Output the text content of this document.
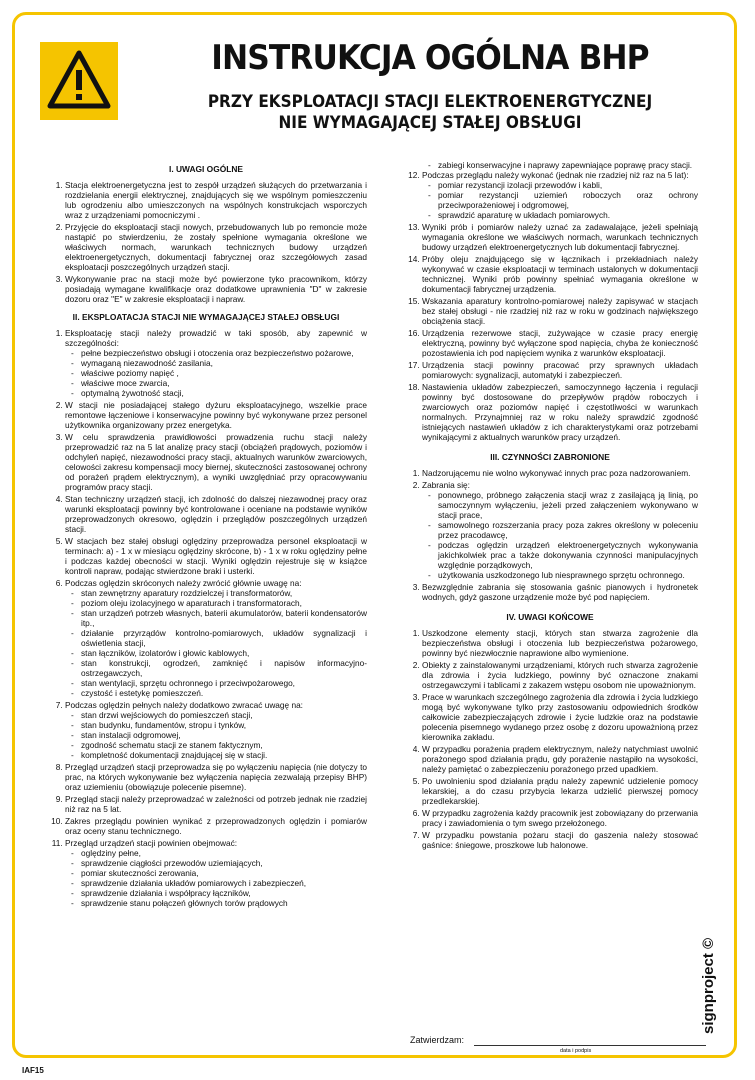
INSTRUKCJA OGÓLNA BHP
PRZY EKSPLOATACJI STACJI ELEKTROENERGTYCZNEJ
NIE WYMAGAJĄCEJ STAŁEJ OBSŁUGI
I. UWAGI OGÓLNE
1. Stacja elektroenergetyczna jest to zespół urządzeń służących do przetwarzania i rozdzielania energii elektrycznej, znajdujących się we wspólnym pomieszczeniu lub ogrodzeniu albo umieszczonych na wspólnych konstrukcjach wsporczych wraz z urządzeniami pomocniczymi .
2. Przyjęcie do eksploatacji stacji nowych, przebudowanych lub po remoncie może nastąpić po stwierdzeniu, że zostały spełnione wymagania określone we właściwych normach, warunkach technicznych budowy urządzeń elektroenergetycznych, dokumentacji fabrycznej oraz szczegółowych zasad eksploatacji poszczególnych urządzeń stacji.
3. Wykonywanie prac na stacji może być powierzone tyko pracownikom, którzy posiadają wymagane kwalifikacje oraz dodatkowe uprawnienia "D" w zakresie dozoru oraz "E" w zakresie eksploatacji i napraw.
II. EKSPLOATACJA STACJI NIE WYMAGAJĄCEJ STAŁEJ OBSŁUGI
1. Eksploatację stacji należy prowadzić w taki sposób, aby zapewnić w szczególności:
- pełne bezpieczeństwo obsługi i otoczenia oraz bezpieczeństwo pożarowe,
- wymaganą niezawodność zasilania,
- właściwe poziomy napięć ,
- właściwe moce zwarcia,
- optymalną żywotność stacji,
2. W stacji nie posiadającej stałego dyżuru eksploatacyjnego, wszelkie prace remontowe łączeniowe i konserwacyjne powinny być wykonywane przez personel użytkownika organizowany przez energetyka.
3. W celu sprawdzenia prawidłowości prowadzenia ruchu stacji należy przeprowadzić raz na 5 lat analizę pracy stacji (obciążeń prądowych, poziomów i odchyleń napięć, niezawodności pracy stacji, aktualnych warunków zwarciowych, celowości zakresu kompensacji mocy biernej, skuteczności zastosowanej ochrony od porażeń prądem elektrycznym), a wyniki uwzględniać przy opracowywaniu programów pracy stacji.
4. Stan techniczny urządzeń stacji, ich zdolność do dalszej niezawodnej pracy oraz warunki eksploatacji powinny być kontrolowane i oceniane na podstawie wyników przeprowadzonych okresowo, oględzin i przeglądów poszczególnych urządzeń stacji.
5. W stacjach bez stałej obsługi oględziny przeprowadza personel eksploatacji w terminach: a) - 1 x w miesiącu oględziny skrócone, b) - 1 x w roku oględziny pełne i podczas każdej obecności w stacji. Wyniki oględzin rejestruje się w książce kontroli napraw, podając stwierdzone braki i usterki.
6. Podczas oględzin skróconych należy zwrócić głównie uwagę na:
- stan zewnętrzny aparatury rozdzielczej i transformatorów,
- poziom oleju izolacyjnego w aparaturach i transformatorach,
- stan urządzeń potrzeb własnych, baterii akumulatorów, baterii kondensatorów itp.,
- działanie przyrządów kontrolno-pomiarowych, układów sygnalizacji i oświetlenia stacji,
- stan łączników, izolatorów i głowic kablowych,
- stan konstrukcji, ogrodzeń, zamknięć i napisów informacyjno-ostrzegawczych,
- stan wentylacji, sprzętu ochronnego i przeciwpożarowego,
- czystość i estetykę pomieszczeń.
7. Podczas oględzin pełnych należy dodatkowo zwracać uwagę na:
- stan drzwi wejściowych do pomieszczeń stacji,
- stan budynku, fundamentów, stropu i tynków,
- stan instalacji odgromowej,
- zgodność schematu stacji ze stanem faktycznym,
- kompletność dokumentacji znajdującej się w stacji.
8. Przegląd urządzeń stacji przeprowadza się po wyłączeniu napięcia (nie dotyczy to prac, na których wykonywanie bez wyłączenia napięcia zezwalają przepisy BHP) oraz uziemieniu (obowiązuje polecenie pisemne).
9. Przegląd stacji należy przeprowadzać w zależności od potrzeb jednak nie rzadziej niż raz na 5 lat.
10. Zakres przeglądu powinien wynikać z przeprowadzonych oględzin i pomiarów oraz oceny stanu technicznego.
11. Przegląd urządzeń stacji powinien obejmować:
- oględziny pełne,
- sprawdzenie ciągłości przewodów uziemiających,
- pomiar skuteczności zerowania,
- sprawdzenie działania układów pomiarowych i zabezpieczeń,
- sprawdzenie działania i współpracy łączników,
- sprawdzenie stanu połączeń głównych torów prądowych
- zabiegi konserwacyjne i naprawy zapewniające poprawę pracy stacji.
12. Podczas przeglądu należy wykonać (jednak nie rzadziej niż raz na 5 lat):
- pomiar rezystancji izolacji przewodów i kabli,
- pomiar rezystancji uziemień roboczych oraz ochrony przeciwporażeniowej i odgromowej,
- sprawdzić aparaturę w układach pomiarowych.
13. Wyniki prób i pomiarów należy uznać za zadawalające, jeżeli spełniają wymagania określone we właściwych normach, warunkach technicznych budowy urządzeń elektroenergetycznych lub dokumentacji fabrycznej.
14. Próby oleju znajdującego się w łącznikach i przekładniach należy wykonywać w czasie eksploatacji w terminach ustalonych w dokumentacji technicznej. Wyniki prób powinny spełniać wymagania określone w dokumentacji fabrycznej urządzenia.
15. Wskazania aparatury kontrolno-pomiarowej należy zapisywać w stacjach bez stałej obsługi - nie rzadziej niż raz w roku w godzinach największego obciążenia stacji.
16. Urządzenia rezerwowe stacji, zużywające w czasie pracy energię elektryczną, powinny być wyłączone spod napięcia, chyba że konieczność pozostawienia ich pod napięciem wynika z warunków eksploatacji.
17. Urządzenia stacji powinny pracować przy sprawnych układach pomiarowych: sygnalizacji, automatyki i zabezpieczeń.
18. Nastawienia układów zabezpieczeń, samoczynnego łączenia i regulacji powinny być dostosowane do przepływów prądów roboczych i zwarciowych oraz poziomów napięć i częstotliwości w warunkach normalnych. Przynajmniej raz w roku należy sprawdzić zgodność istniejących nastawień układów z ich charakterystykami oraz potrzebami wynikającymi z aktualnych warunków pracy urządzeń.
III. CZYNNOŚCI ZABRONIONE
1. Nadzorującemu nie wolno wykonywać innych prac poza nadzorowaniem.
2. Zabrania się:
- ponownego, próbnego załączenia stacji wraz z zasilającą ją linią, po samoczynnym wyłączeniu, jeżeli przed załączeniem wykonywano w stacji prace,
- samowolnego rozszerzania pracy poza zakres określony w poleceniu przez pracodawcę,
- podczas oględzin urządzeń elektroenergetycznych wykonywania jakichkolwiek prac a także dokonywania czynności manipulacyjnych względnie porządkowych,
- użytkowania uszkodzonego lub niesprawnego sprzętu ochronnego.
3. Bezwzględnie zabrania się stosowania gaśnic pianowych i hydronetek wodnych, gdyż gaszone urządzenie może być pod napięciem.
IV. UWAGI KOŃCOWE
1. Uszkodzone elementy stacji, których stan stwarza zagrożenie dla bezpieczeństwa obsługi i otoczenia lub bezpieczeństwa pożarowego, powinny być niezwłocznie naprawione albo wymienione.
2. Obiekty z zainstalowanymi urządzeniami, których ruch stwarza zagrożenie dla zdrowia i życia ludzkiego, powinny być oznaczone znakami ostrzegawczymi i tablicami z zakazem wstępu osobom nie upoważnionym.
3. Prace w warunkach szczególnego zagrożenia dla zdrowia i życia ludzkiego mogą być wykonywane tylko przy zastosowaniu odpowiednich środków całkowicie zabezpieczających zdrowie i życie ludzkie oraz na podstawie polecenia pisemnego wydanego przez osobę z doz​oru upoważnioną przez kierownika zakładu.
4. W przypadku porażenia prądem elektrycznym, należy natychmiast uwolnić porażonego spod działania prądu, gdy porażenie nastąpiło na wysokości, należy pamiętać o zabezpieczeniu porażonego przed upadkiem.
5. Po uwolnieniu spod działania prądu należy zapewnić udzielenie pomocy lekarskiej, a do czasu przybycia lekarza udzielić pierwszej pomocy przedlekarskiej.
6. W przypadku zagrożenia każdy pracownik jest zobowiązany do przerwania pracy i zawiadomienia o tym swego przełożonego.
7. W przypadku powstania pożaru stacji do gaszenia należy stosować gaśnice: śniegowe, proszkowe lub halonowe.
Zatwierdzam:
data i podpis
IAF15
signproject ©
